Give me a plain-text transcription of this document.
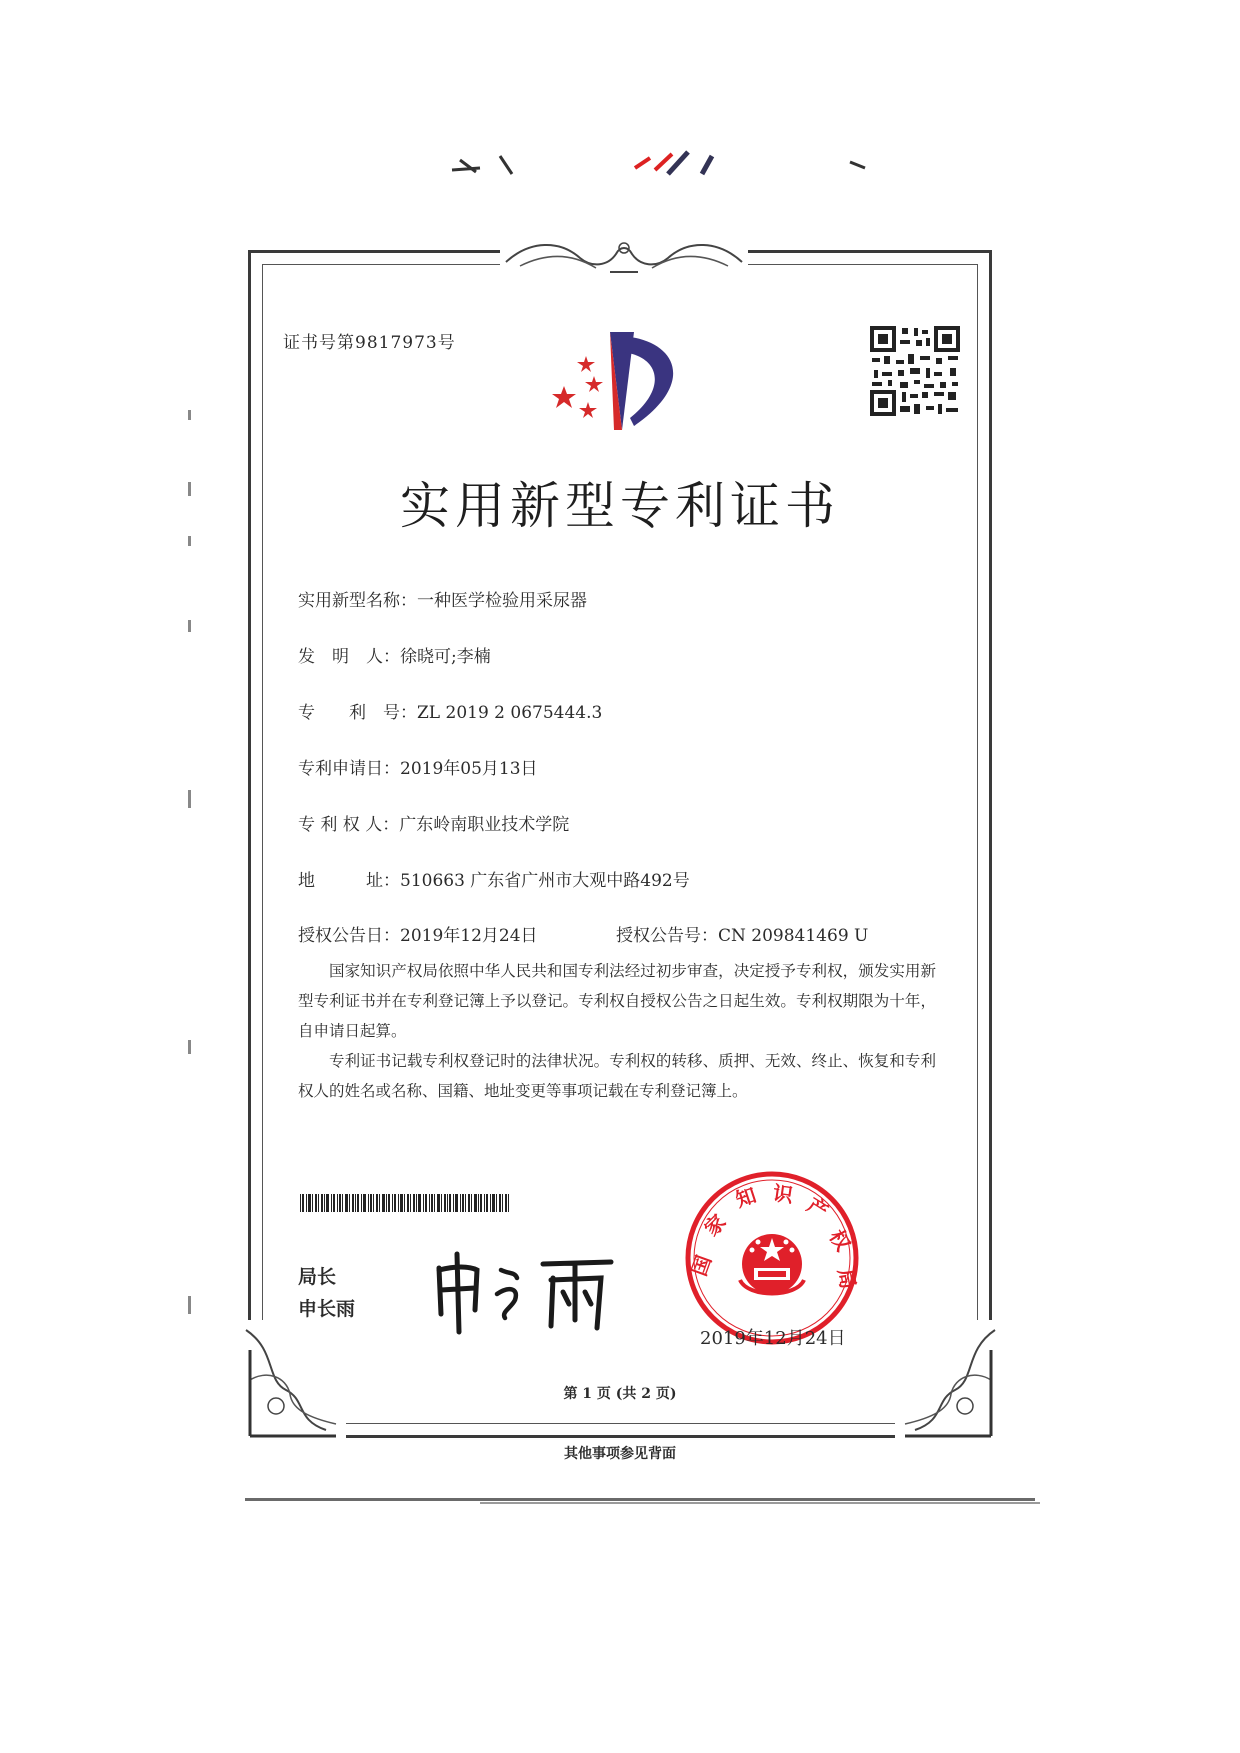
证书号第9817973号
实用新型专利证书
实用新型名称：一种医学检验用采尿器
发　明　人：徐晓可;李楠
专　　利　号：ZL 2019 2 0675444.3
专利申请日：2019年05月13日
专 利 权 人：广东岭南职业技术学院
地　　　址：510663 广东省广州市大观中路492号
授权公告日：2019年12月24日	授权公告号：CN 209841469 U
国家知识产权局依照中华人民共和国专利法经过初步审查，决定授予专利权，颁发实用新型专利证书并在专利登记簿上予以登记。专利权自授权公告之日起生效。专利权期限为十年，自申请日起算。
专利证书记载专利权登记时的法律状况。专利权的转移、质押、无效、终止、恢复和专利权人的姓名或名称、国籍、地址变更等事项记载在专利登记簿上。
局长
申长雨
国
家
知 识 产
权
局
2019年12月24日
第 1 页 (共 2 页)
其他事项参见背面
